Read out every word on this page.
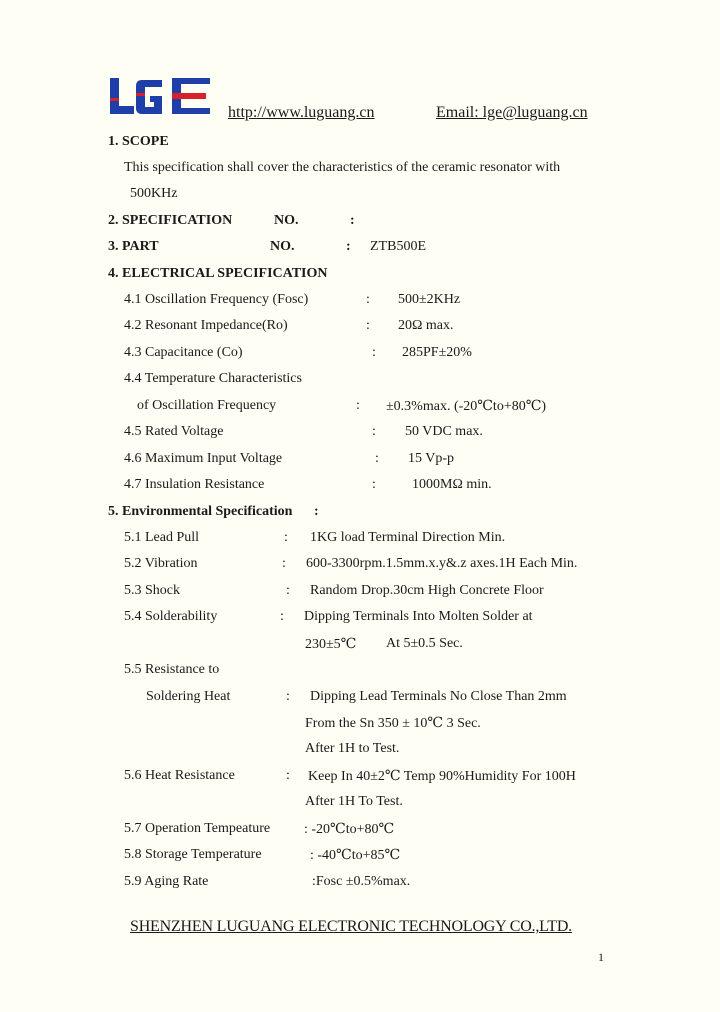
http://www.luguang.cn	Email: lge@luguang.cn
1. SCOPE
This specification shall cover the characteristics of the ceramic resonator with
500KHz
2. SPECIFICATION	NO.	:
3. PART	NO.	: ZTB500E
4. ELECTRICAL SPECIFICATION
4.1 Oscillation Frequency (Fosc)	: 500±2KHz
4.2 Resonant Impedance(Ro)	: 20Ω max.
4.3 Capacitance (Co)	: 285PF±20%
4.4 Temperature Characteristics
of Oscillation Frequency	: ±0.3%max. (-20℃to+80℃)
4.5 Rated Voltage	: 50 VDC max.
4.6 Maximum Input Voltage	: 15 Vp-p
4.7 Insulation Resistance	:	1000MΩ min.
5. Environmental Specification :
5.1 Lead Pull	: 1KG load Terminal Direction Min.
5.2 Vibration	: 600-3300rpm.1.5mm.x.y&.z axes.1H Each Min.
5.3 Shock	: Random Drop.30cm High Concrete Floor
5.4 Solderability	: Dipping Terminals Into Molten Solder at
230±5℃ At 5±0.5 Sec.
5.5 Resistance to
Soldering Heat	: Dipping Lead Terminals No Close Than 2mm
From the Sn 350 ± 10℃ 3 Sec.
After 1H to Test.
5.6 Heat Resistance	: Keep In 40±2℃ Temp 90%Humidity For 100H
After 1H To Test.
5.7 Operation Tempeature : -20℃to+80℃
5.8 Storage Temperature	: -40℃to+85℃
5.9 Aging Rate	:Fosc ±0.5%max.
SHENZHEN LUGUANG ELECTRONIC TECHNOLOGY CO.,LTD.
1
